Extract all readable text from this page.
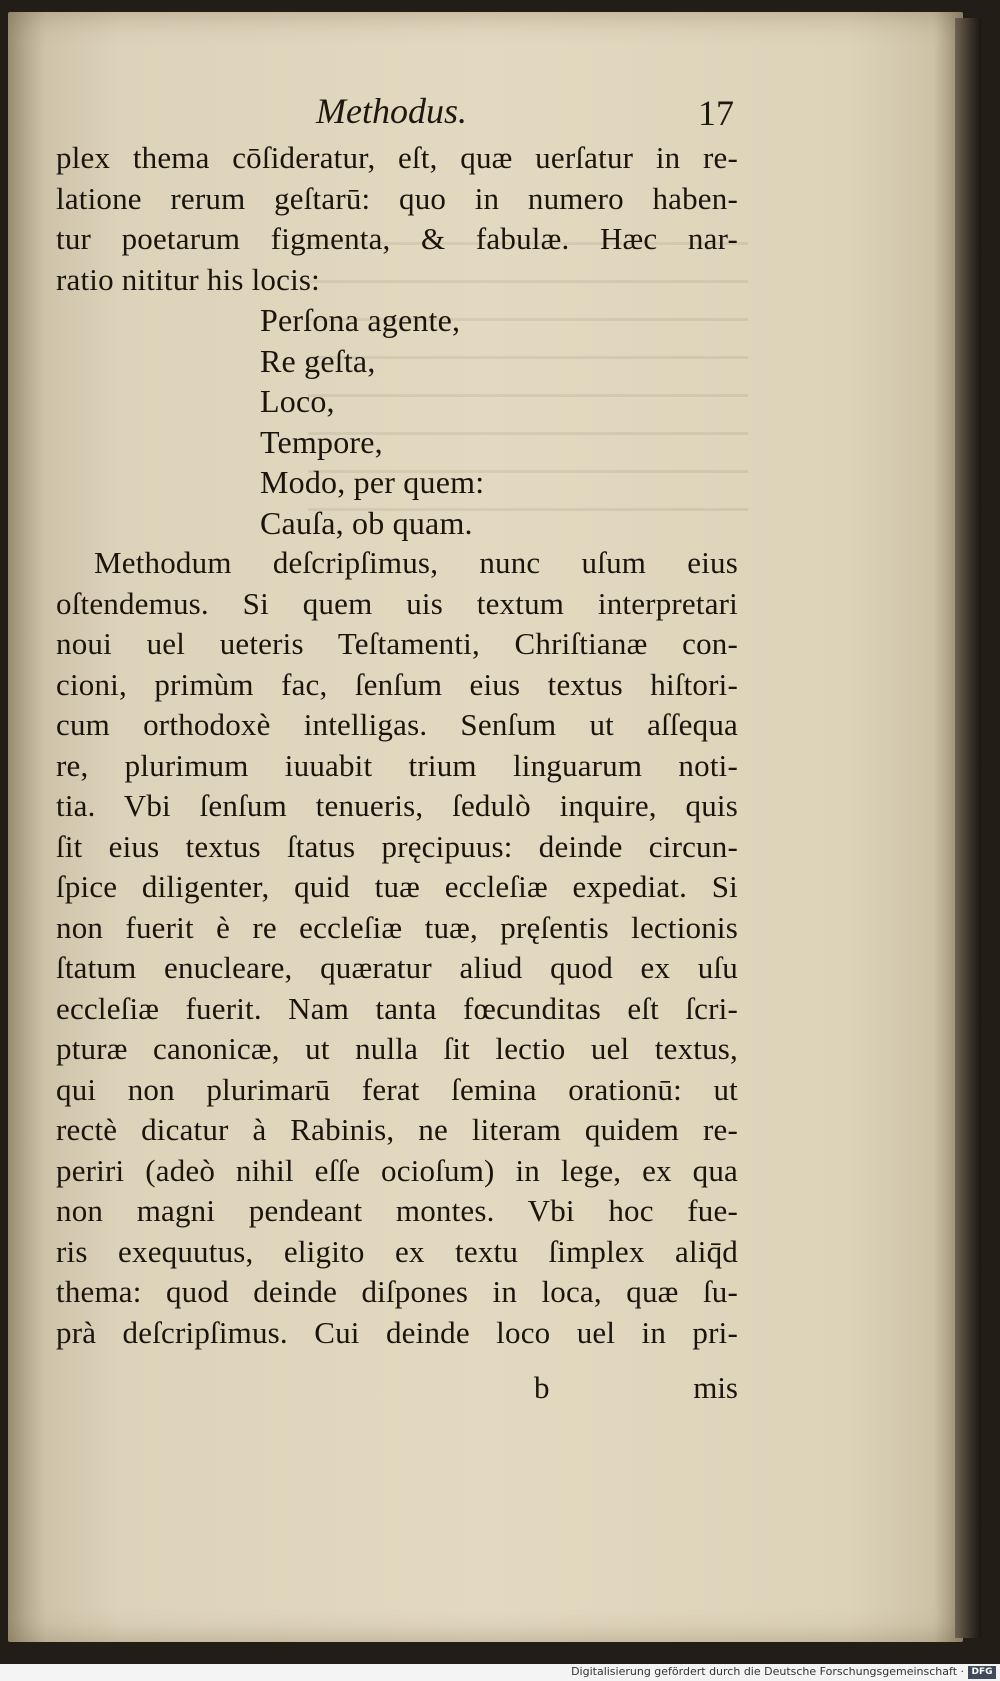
Methodus.	17
plex thema cōſideratur, eſt, quæ uerſatur in re-
latione rerum geſtarū: quo in numero haben-
tur poetarum figmenta, & fabulæ. Hæc nar-
ratio nititur his locis:
Perſona agente,
Re geſta,
Loco,
Tempore,
Modo, per quem:
Cauſa, ob quam.
Methodum deſcripſimus, nunc uſum eius
oſtendemus. Si quem uis textum interpretari
noui uel ueteris Teſtamenti, Chriſtianæ con-
cioni, primùm fac, ſenſum eius textus hiſtori-
cum orthodoxè intelligas. Senſum ut aſſequa
re, plurimum iuuabit trium linguarum noti-
tia. Vbi ſenſum tenueris, ſedulò inquire, quis
ſit eius textus ſtatus pręcipuus: deinde circun-
ſpice diligenter, quid tuæ eccleſiæ expediat. Si
non fuerit è re eccleſiæ tuæ, pręſentis lectionis
ſtatum enucleare, quæratur aliud quod ex uſu
eccleſiæ fuerit. Nam tanta fœcunditas eſt ſcri-
pturæ canonicæ, ut nulla ſit lectio uel textus,
qui non plurimarū ferat ſemina orationū: ut
rectè dicatur à Rabinis, ne literam quidem re-
periri (adeò nihil eſſe ocioſum) in lege, ex qua
non magni pendeant montes. Vbi hoc fue-
ris exequutus, eligito ex textu ſimplex aliq̄d
thema: quod deinde diſpones in loca, quæ ſu-
prà deſcripſimus. Cui deinde loco uel in pri-
b	mis
Digitalisierung gefördert durch die Deutsche Forschungsgemeinschaft · DFG
